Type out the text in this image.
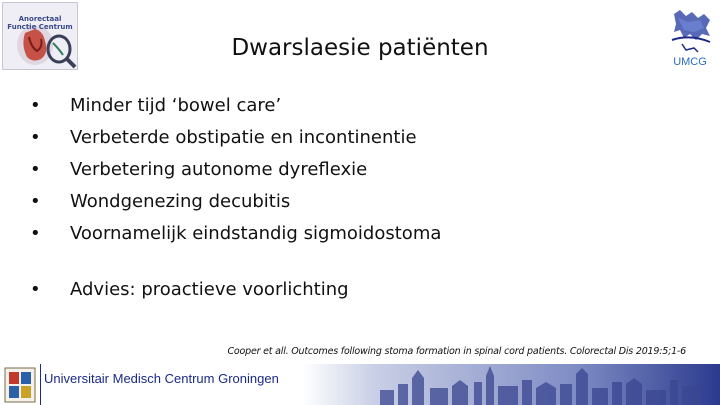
Anorectaal Functie Centrum
UMCG
Dwarslaesie patiënten
•	Minder tijd ‘bowel care’
•	Verbeterde obstipatie en incontinentie
•	Verbetering autonome dyreflexie
•	Wondgenezing decubitis
•	Voornamelijk eindstandig sigmoidostoma
•	Advies: proactieve voorlichting
Cooper et all. Outcomes following stoma formation in spinal cord patients. Colorectal Dis 2019:5;1-6
Universitair Medisch Centrum Groningen
